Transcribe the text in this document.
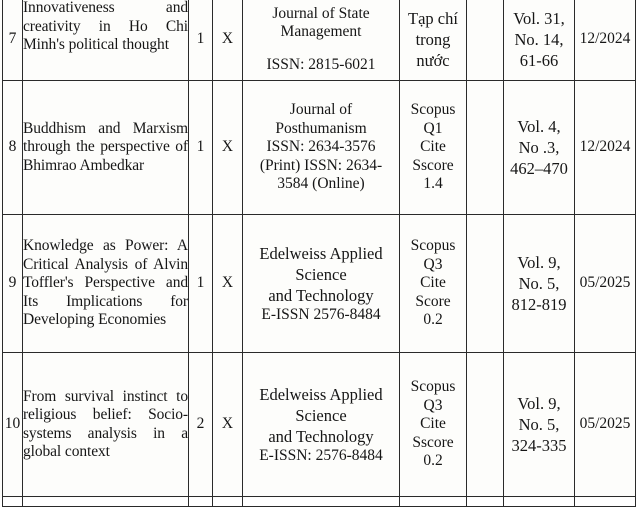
7	Innovativeness and creativity in Ho Chi Minh's political thought	1	X	Journal of State
Management
ISSN: 2815-6021	Tạp chí
trong
nước		Vol. 31,
No. 14,
61-66	12/2024
8	Buddhism and Marxism through the perspective of Bhimrao Ambedkar	1	X	Journal of
Posthumanism
ISSN: 2634-3576
(Print) ISSN: 2634-
3584 (Online)	Scopus
Q1
Cite
Sscore
1.4		Vol. 4,
No .3,
462–470	12/2024
9	Knowledge as Power: A Critical Analysis of Alvin Toffler's Perspective and Its Implications for Developing Economies	1	X	Edelweiss Applied
Science
and Technology
E-ISSN 2576-8484	Scopus
Q3
Cite
Score
0.2		Vol. 9,
No. 5,
812-819	05/2025
10	From survival instinct to religious belief: Socio-systems analysis in a global context	2	X	Edelweiss Applied
Science
and Technology
E-ISSN: 2576-8484	Scopus
Q3
Cite
Sscore
0.2		Vol. 9,
No. 5,
324-335	05/2025
